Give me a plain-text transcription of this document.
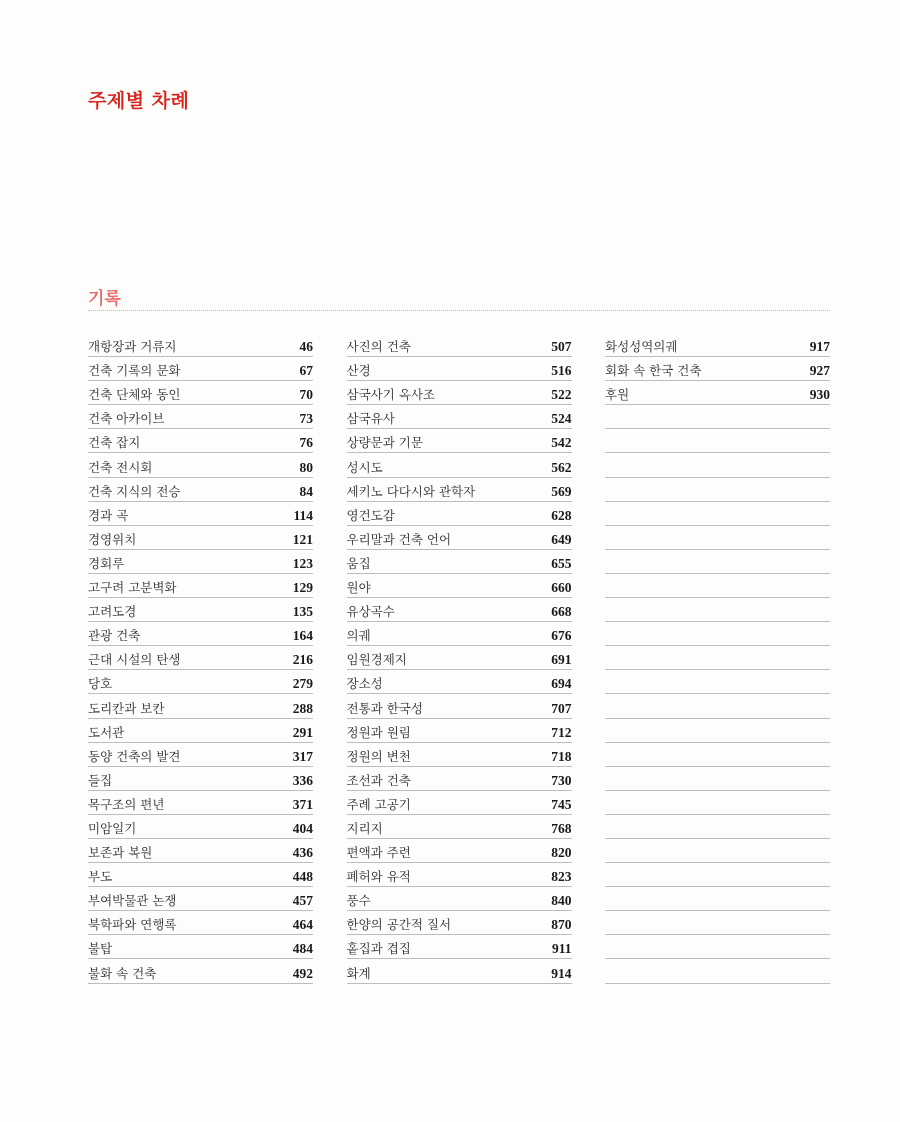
주제별 차례
기록
개항장과 거류지	46
건축 기록의 문화	67
건축 단체와 동인	70
건축 아카이브	73
건축 잡지	76
건축 전시회	80
건축 지식의 전승	84
경과 곡	114
경영위치	121
경회루	123
고구려 고분벽화	129
고려도경	135
관광 건축	164
근대 시설의 탄생	216
당호	279
도리칸과 보칸	288
도서관	291
동양 건축의 발견	317
들집	336
목구조의 편년	371
미암일기	404
보존과 복원	436
부도	448
부여박물관 논쟁	457
북학파와 연행록	464
불탑	484
불화 속 건축	492
사진의 건축	507
산경	516
삼국사기 옥사조	522
삼국유사	524
상량문과 기문	542
성시도	562
세키노 다다시와 관학자	569
영건도감	628
우리말과 건축 언어	649
움집	655
원야	660
유상곡수	668
의궤	676
임원경제지	691
장소성	694
전통과 한국성	707
정원과 원림	712
정원의 변천	718
조선과 건축	730
주례 고공기	745
지리지	768
편액과 주련	820
폐허와 유적	823
풍수	840
한양의 공간적 질서	870
홑집과 겹집	911
화계	914
화성성역의궤	917
회화 속 한국 건축	927
후원	930
